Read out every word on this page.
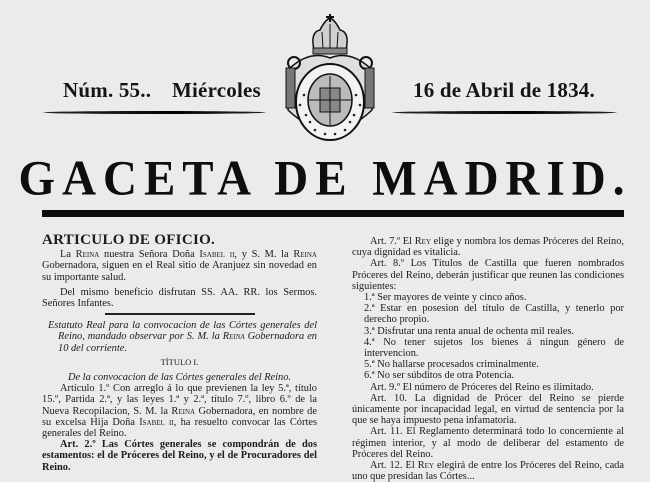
Núm. 55.. Miércoles	16 de Abril de 1834.
GACETA DE MADRID.

ARTICULO DE OFICIO.

La Reina nuestra Señora Doña Isabel ii, y S. M. la Reina Gobernadora, siguen en el Real sitio de Aranjuez sin novedad en su importante salud.

Del mismo beneficio disfrutan SS. AA. RR. los Sermos. Señores Infantes.

Estatuto Real para la convocacion de las Córtes generales del Reino, mandado observar por S. M. la Reina Gobernadora en 10 del corriente.

TÍTULO I.

De la convocacion de las Córtes generales del Reino.

Artículo 1.º Con arreglo á lo que previenen la ley 5.ª, título 15.º, Partida 2.ª, y las leyes 1.ª y 2.ª, título 7.º, libro 6.º de la Nueva Recopilacion, S. M. la Reina Gobernadora, en nombre de su excelsa Hija Doña Isabel ii, ha resuelto convocar las Córtes generales del Reino.

Art. 2.º Las Córtes generales se compondrán de dos estamentos: el de Próceres del Reino, y el de Procuradores del Reino.

Art. 7.º El Rey elige y nombra los demas Próceres del Reino, cuya dignidad es vitalicia.

Art. 8.º Los Títulos de Castilla que fueren nombrados Próceres del Reino, deberán justificar que reunen las condiciones siguientes:

1.ª Ser mayores de veinte y cinco años.

2.ª Estar en posesion del título de Castilla, y tenerlo por derecho propio.

3.ª Disfrutar una renta anual de ochenta mil reales.

4.ª No tener sujetos los bienes á ningun género de intervencion.

5.ª No hallarse procesados criminalmente.

6.ª No ser súbditos de otra Potencia.

Art. 9.º El número de Próceres del Reino es ilimitado.

Art. 10. La dignidad de Prócer del Reino se pierde únicamente por incapacidad legal, en virtud de sentencia por la que se haya impuesto pena infamatoria.

Art. 11. El Reglamento determinará todo lo concerniente al régimen interior, y al modo de deliberar del estamento de Próceres del Reino.

Art. 12. El Rey elegirá de entre los Próceres del Reino, cada uno que presidan las Córtes...
